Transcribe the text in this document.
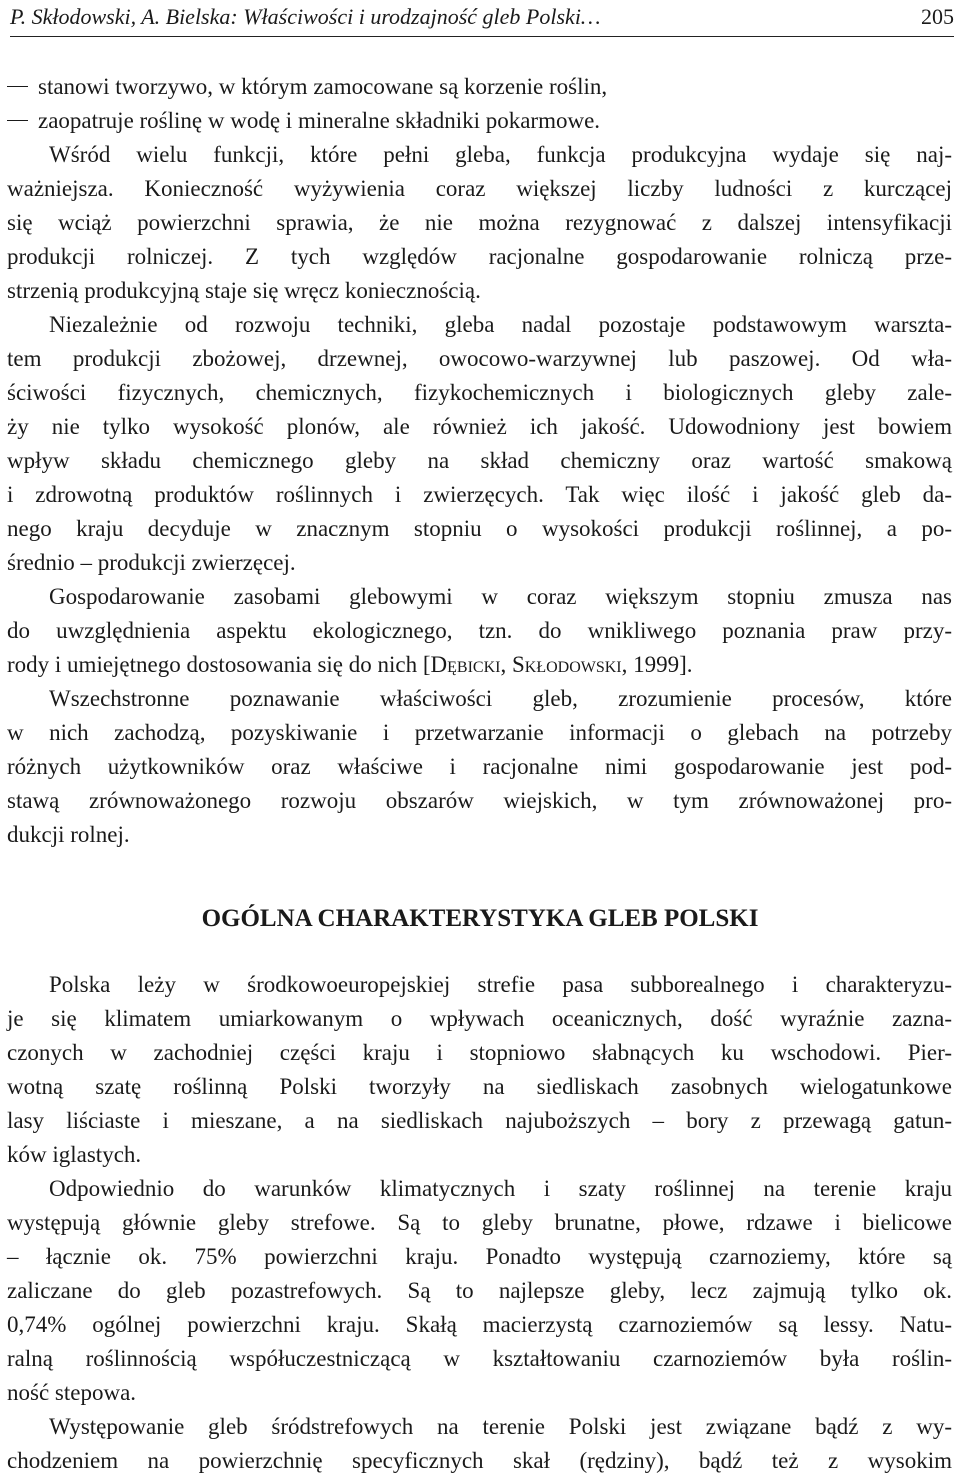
P. Skłodowski, A. Bielska: Właściwości i urodzajność gleb Polski…	205
stanowi tworzywo, w którym zamocowane są korzenie roślin,
zaopatruje roślinę w wodę i mineralne składniki pokarmowe.
Wśród wielu funkcji, które pełni gleba, funkcja produkcyjna wydaje się naj-
ważniejsza. Konieczność wyżywienia coraz większej liczby ludności z kurczącej
się wciąż powierzchni sprawia, że nie można rezygnować z dalszej intensyfikacji
produkcji rolniczej. Z tych względów racjonalne gospodarowanie rolniczą prze-
strzenią produkcyjną staje się wręcz koniecznością.
Niezależnie od rozwoju techniki, gleba nadal pozostaje podstawowym warszta-
tem produkcji zbożowej, drzewnej, owocowo-warzywnej lub paszowej. Od wła-
ściwości fizycznych, chemicznych, fizykochemicznych i biologicznych gleby zale-
ży nie tylko wysokość plonów, ale również ich jakość. Udowodniony jest bowiem
wpływ składu chemicznego gleby na skład chemiczny oraz wartość smakową
i zdrowotną produktów roślinnych i zwierzęcych. Tak więc ilość i jakość gleb da-
nego kraju decyduje w znacznym stopniu o wysokości produkcji roślinnej, a po-
średnio – produkcji zwierzęcej.
Gospodarowanie zasobami glebowymi w coraz większym stopniu zmusza nas
do uwzględnienia aspektu ekologicznego, tzn. do wnikliwego poznania praw przy-
rody i umiejętnego dostosowania się do nich [Dębicki, Skłodowski, 1999].
Wszechstronne poznawanie właściwości gleb, zrozumienie procesów, które
w nich zachodzą, pozyskiwanie i przetwarzanie informacji o glebach na potrzeby
różnych użytkowników oraz właściwe i racjonalne nimi gospodarowanie jest pod-
stawą zrównoważonego rozwoju obszarów wiejskich, w tym zrównoważonej pro-
dukcji rolnej.
OGÓLNA CHARAKTERYSTYKA GLEB POLSKI
Polska leży w środkowoeuropejskiej strefie pasa subborealnego i charakteryzu-
je się klimatem umiarkowanym o wpływach oceanicznych, dość wyraźnie zazna-
czonych w zachodniej części kraju i stopniowo słabnących ku wschodowi. Pier-
wotną szatę roślinną Polski tworzyły na siedliskach zasobnych wielogatunkowe
lasy liściaste i mieszane, a na siedliskach najuboższych – bory z przewagą gatun-
ków iglastych.
Odpowiednio do warunków klimatycznych i szaty roślinnej na terenie kraju
występują głównie gleby strefowe. Są to gleby brunatne, płowe, rdzawe i bielicowe
– łącznie ok. 75% powierzchni kraju. Ponadto występują czarnoziemy, które są
zaliczane do gleb pozastrefowych. Są to najlepsze gleby, lecz zajmują tylko ok.
0,74% ogólnej powierzchni kraju. Skałą macierzystą czarnoziemów są lessy. Natu-
ralną roślinnością współuczestniczącą w kształtowaniu czarnoziemów była roślin-
ność stepowa.
Występowanie gleb śródstrefowych na terenie Polski jest związane bądź z wy-
chodzeniem na powierzchnię specyficznych skał (rędziny), bądź też z wysokim
